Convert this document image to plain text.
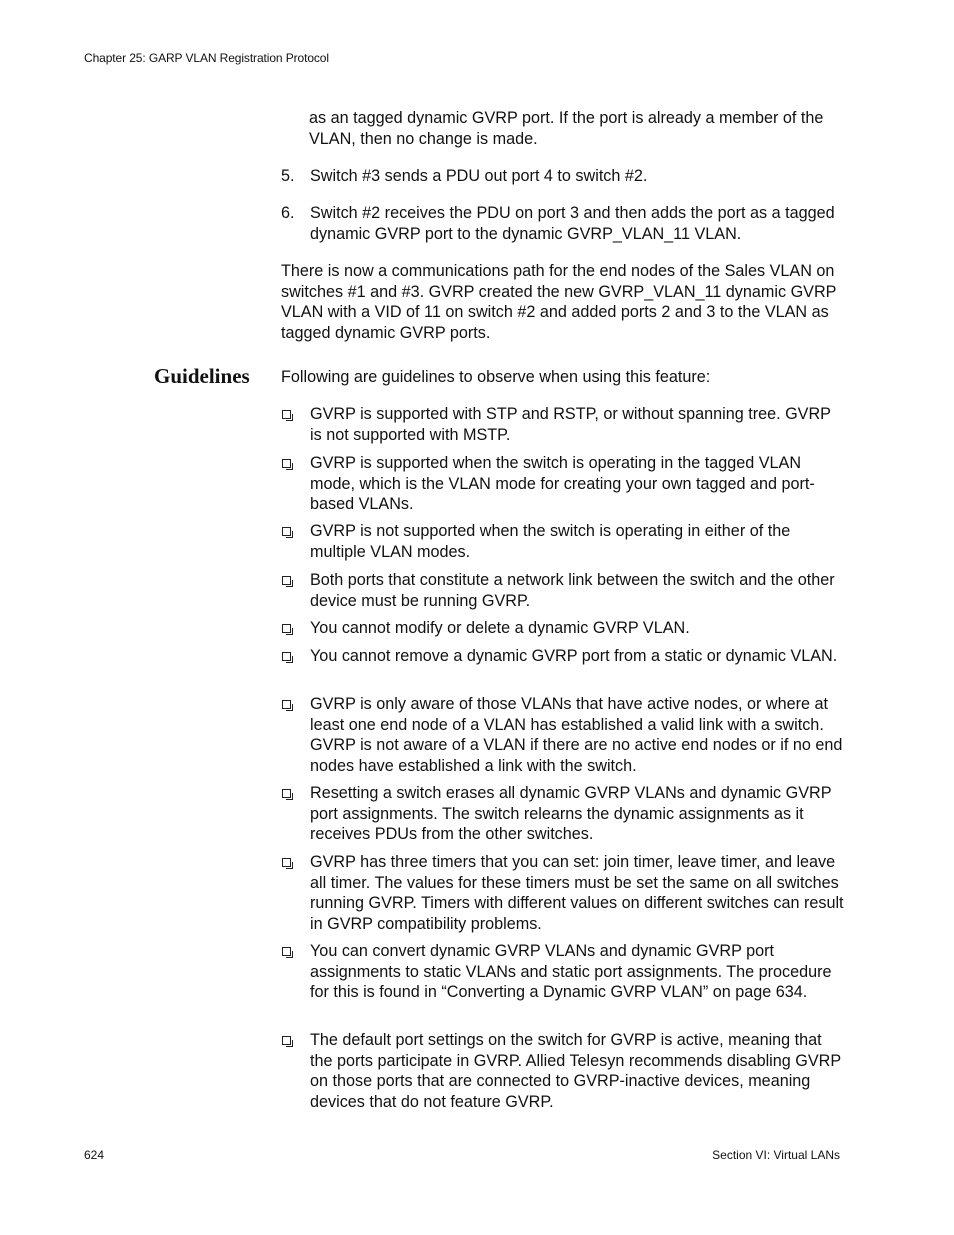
Chapter 25: GARP VLAN Registration Protocol

as an tagged dynamic GVRP port. If the port is already a member of the VLAN, then no change is made.

5. Switch #3 sends a PDU out port 4 to switch #2.
6. Switch #2 receives the PDU on port 3 and then adds the port as a tagged dynamic GVRP port to the dynamic GVRP_VLAN_11 VLAN.

There is now a communications path for the end nodes of the Sales VLAN on switches #1 and #3. GVRP created the new GVRP_VLAN_11 dynamic GVRP VLAN with a VID of 11 on switch #2 and added ports 2 and 3 to the VLAN as tagged dynamic GVRP ports.

Guidelines Following are guidelines to observe when using this feature:

GVRP is supported with STP and RSTP, or without spanning tree. GVRP is not supported with MSTP.
GVRP is supported when the switch is operating in the tagged VLAN mode, which is the VLAN mode for creating your own tagged and port-based VLANs.
GVRP is not supported when the switch is operating in either of the multiple VLAN modes.
Both ports that constitute a network link between the switch and the other device must be running GVRP.
You cannot modify or delete a dynamic GVRP VLAN.
You cannot remove a dynamic GVRP port from a static or dynamic VLAN.
GVRP is only aware of those VLANs that have active nodes, or where at least one end node of a VLAN has established a valid link with a switch. GVRP is not aware of a VLAN if there are no active end nodes or if no end nodes have established a link with the switch.
Resetting a switch erases all dynamic GVRP VLANs and dynamic GVRP port assignments. The switch relearns the dynamic assignments as it receives PDUs from the other switches.
GVRP has three timers that you can set: join timer, leave timer, and leave all timer. The values for these timers must be set the same on all switches running GVRP. Timers with different values on different switches can result in GVRP compatibility problems.
You can convert dynamic GVRP VLANs and dynamic GVRP port assignments to static VLANs and static port assignments. The procedure for this is found in “Converting a Dynamic GVRP VLAN” on page 634.
The default port settings on the switch for GVRP is active, meaning that the ports participate in GVRP. Allied Telesyn recommends disabling GVRP on those ports that are connected to GVRP-inactive devices, meaning devices that do not feature GVRP.
624	Section VI: Virtual LANs
